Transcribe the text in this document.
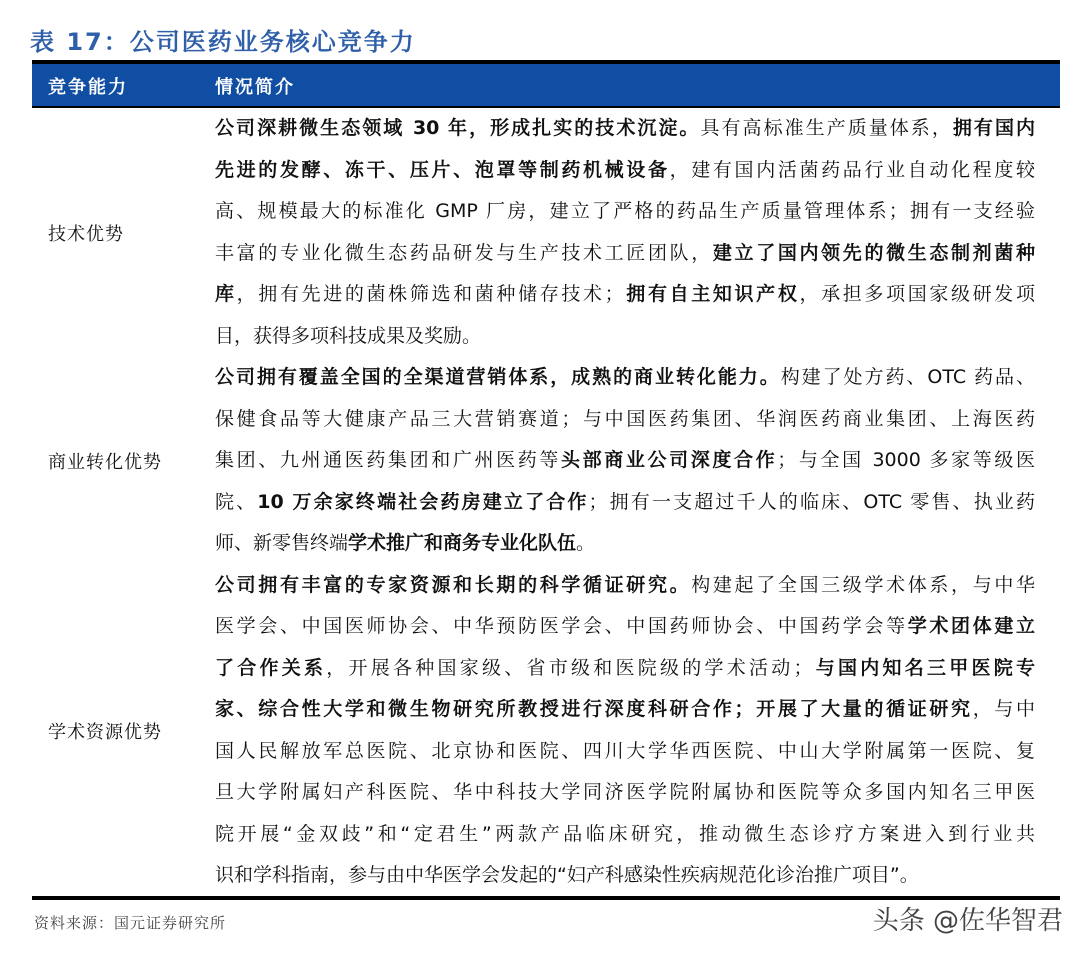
表 17：公司医药业务核心竞争力
竞争能力	情况简介
技术优势
公司深耕微生态领域 30 年，形成扎实的技术沉淀。具有高标准生产质量体系，拥有国内
先进的发酵、冻干、压片、泡罩等制药机械设备，建有国内活菌药品行业自动化程度较
高、规模最大的标准化 GMP 厂房，建立了严格的药品生产质量管理体系；拥有一支经验
丰富的专业化微生态药品研发与生产技术工匠团队，建立了国内领先的微生态制剂菌种
库，拥有先进的菌株筛选和菌种储存技术；拥有自主知识产权，承担多项国家级研发项
目，获得多项科技成果及奖励。
商业转化优势
公司拥有覆盖全国的全渠道营销体系，成熟的商业转化能力。构建了处方药、OTC 药品、
保健食品等大健康产品三大营销赛道；与中国医药集团、华润医药商业集团、上海医药
集团、九州通医药集团和广州医药等头部商业公司深度合作；与全国 3000 多家等级医
院、10 万余家终端社会药房建立了合作；拥有一支超过千人的临床、OTC 零售、执业药
师、新零售终端学术推广和商务专业化队伍。
学术资源优势
公司拥有丰富的专家资源和长期的科学循证研究。构建起了全国三级学术体系，与中华
医学会、中国医师协会、中华预防医学会、中国药师协会、中国药学会等学术团体建立
了合作关系，开展各种国家级、省市级和医院级的学术活动；与国内知名三甲医院专
家、综合性大学和微生物研究所教授进行深度科研合作；开展了大量的循证研究，与中
国人民解放军总医院、北京协和医院、四川大学华西医院、中山大学附属第一医院、复
旦大学附属妇产科医院、华中科技大学同济医学院附属协和医院等众多国内知名三甲医
院开展“金双歧”和“定君生”两款产品临床研究，推动微生态诊疗方案进入到行业共
识和学科指南，参与由中华医学会发起的“妇产科感染性疾病规范化诊治推广项目”。
资料来源：国元证券研究所	头条 @佐华智君
